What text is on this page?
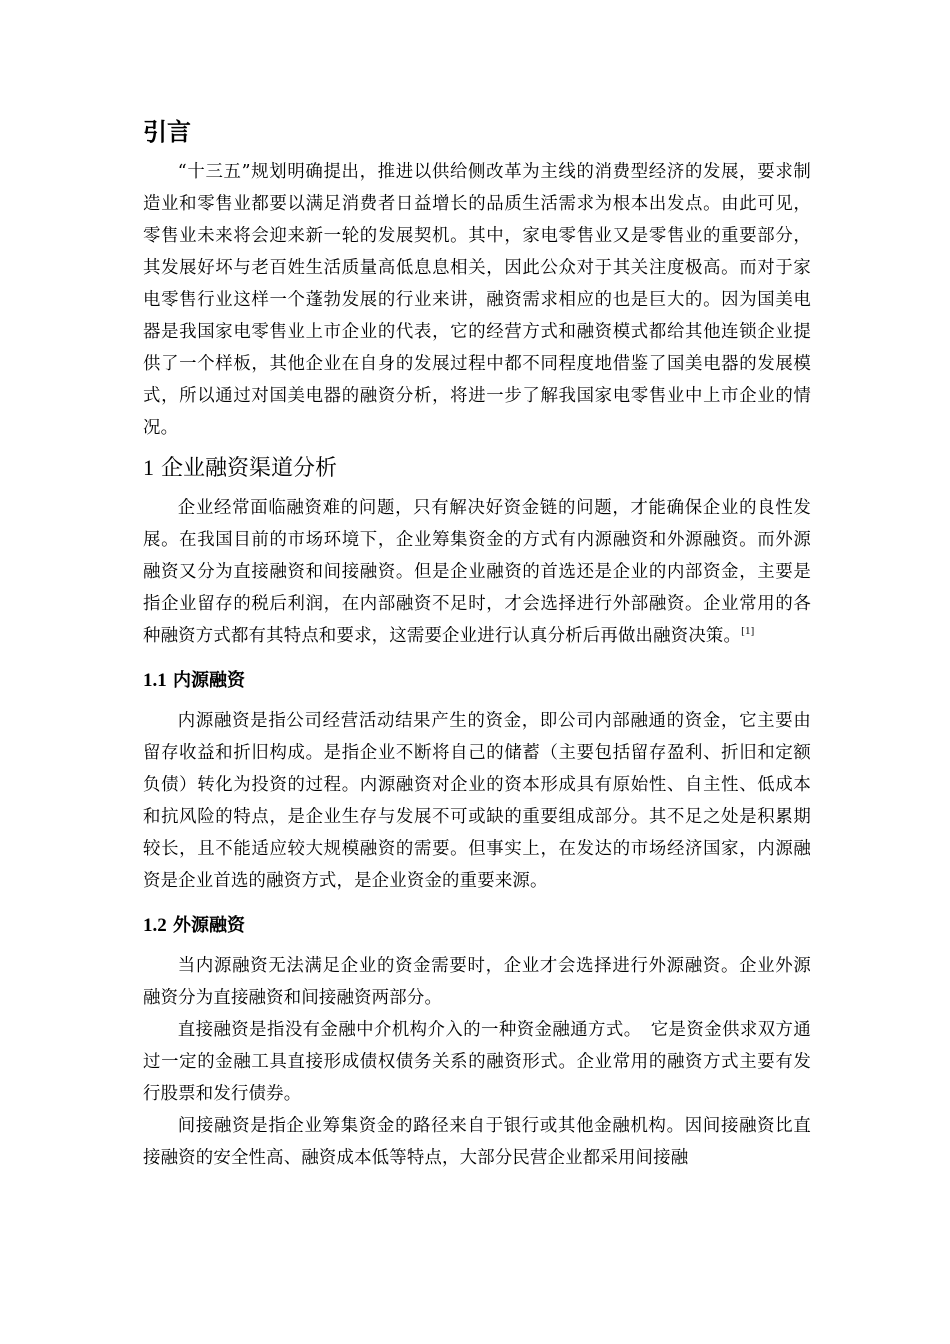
引言

“十三五”规划明确提出，推进以供给侧改革为主线的消费型经济的发展，要求制造业和零售业都要以满足消费者日益增长的品质生活需求为根本出发点。由此可见，零售业未来将会迎来新一轮的发展契机。其中，家电零售业又是零售业的重要部分，其发展好坏与老百姓生活质量高低息息相关，因此公众对于其关注度极高。而对于家电零售行业这样一个蓬勃发展的行业来讲，融资需求相应的也是巨大的。因为国美电器是我国家电零售业上市企业的代表，它的经营方式和融资模式都给其他连锁企业提供了一个样板，其他企业在自身的发展过程中都不同程度地借鉴了国美电器的发展模式，所以通过对国美电器的融资分析，将进一步了解我国家电零售业中上市企业的情况。

1 企业融资渠道分析

企业经常面临融资难的问题，只有解决好资金链的问题，才能确保企业的良性发展。在我国目前的市场环境下，企业筹集资金的方式有内源融资和外源融资。而外源融资又分为直接融资和间接融资。但是企业融资的首选还是企业的内部资金，主要是指企业留存的税后利润，在内部融资不足时，才会选择进行外部融资。企业常用的各种融资方式都有其特点和要求，这需要企业进行认真分析后再做出融资决策。[1]

1.1 内源融资

内源融资是指公司经营活动结果产生的资金，即公司内部融通的资金，它主要由留存收益和折旧构成。是指企业不断将自己的储蓄（主要包括留存盈利、折旧和定额负债）转化为投资的过程。内源融资对企业的资本形成具有原始性、自主性、低成本和抗风险的特点，是企业生存与发展不可或缺的重要组成部分。其不足之处是积累期较长，且不能适应较大规模融资的需要。但事实上，在发达的市场经济国家，内源融资是企业首选的融资方式，是企业资金的重要来源。

1.2 外源融资

当内源融资无法满足企业的资金需要时，企业才会选择进行外源融资。企业外源融资分为直接融资和间接融资两部分。

直接融资是指没有金融中介机构介入的一种资金融通方式。　它是资金供求双方通过一定的金融工具直接形成债权债务关系的融资形式。企业常用的融资方式主要有发行股票和发行债券。

间接融资是指企业筹集资金的路径来自于银行或其他金融机构。因间接融资比直接融资的安全性高、融资成本低等特点，大部分民营企业都采用间接融
